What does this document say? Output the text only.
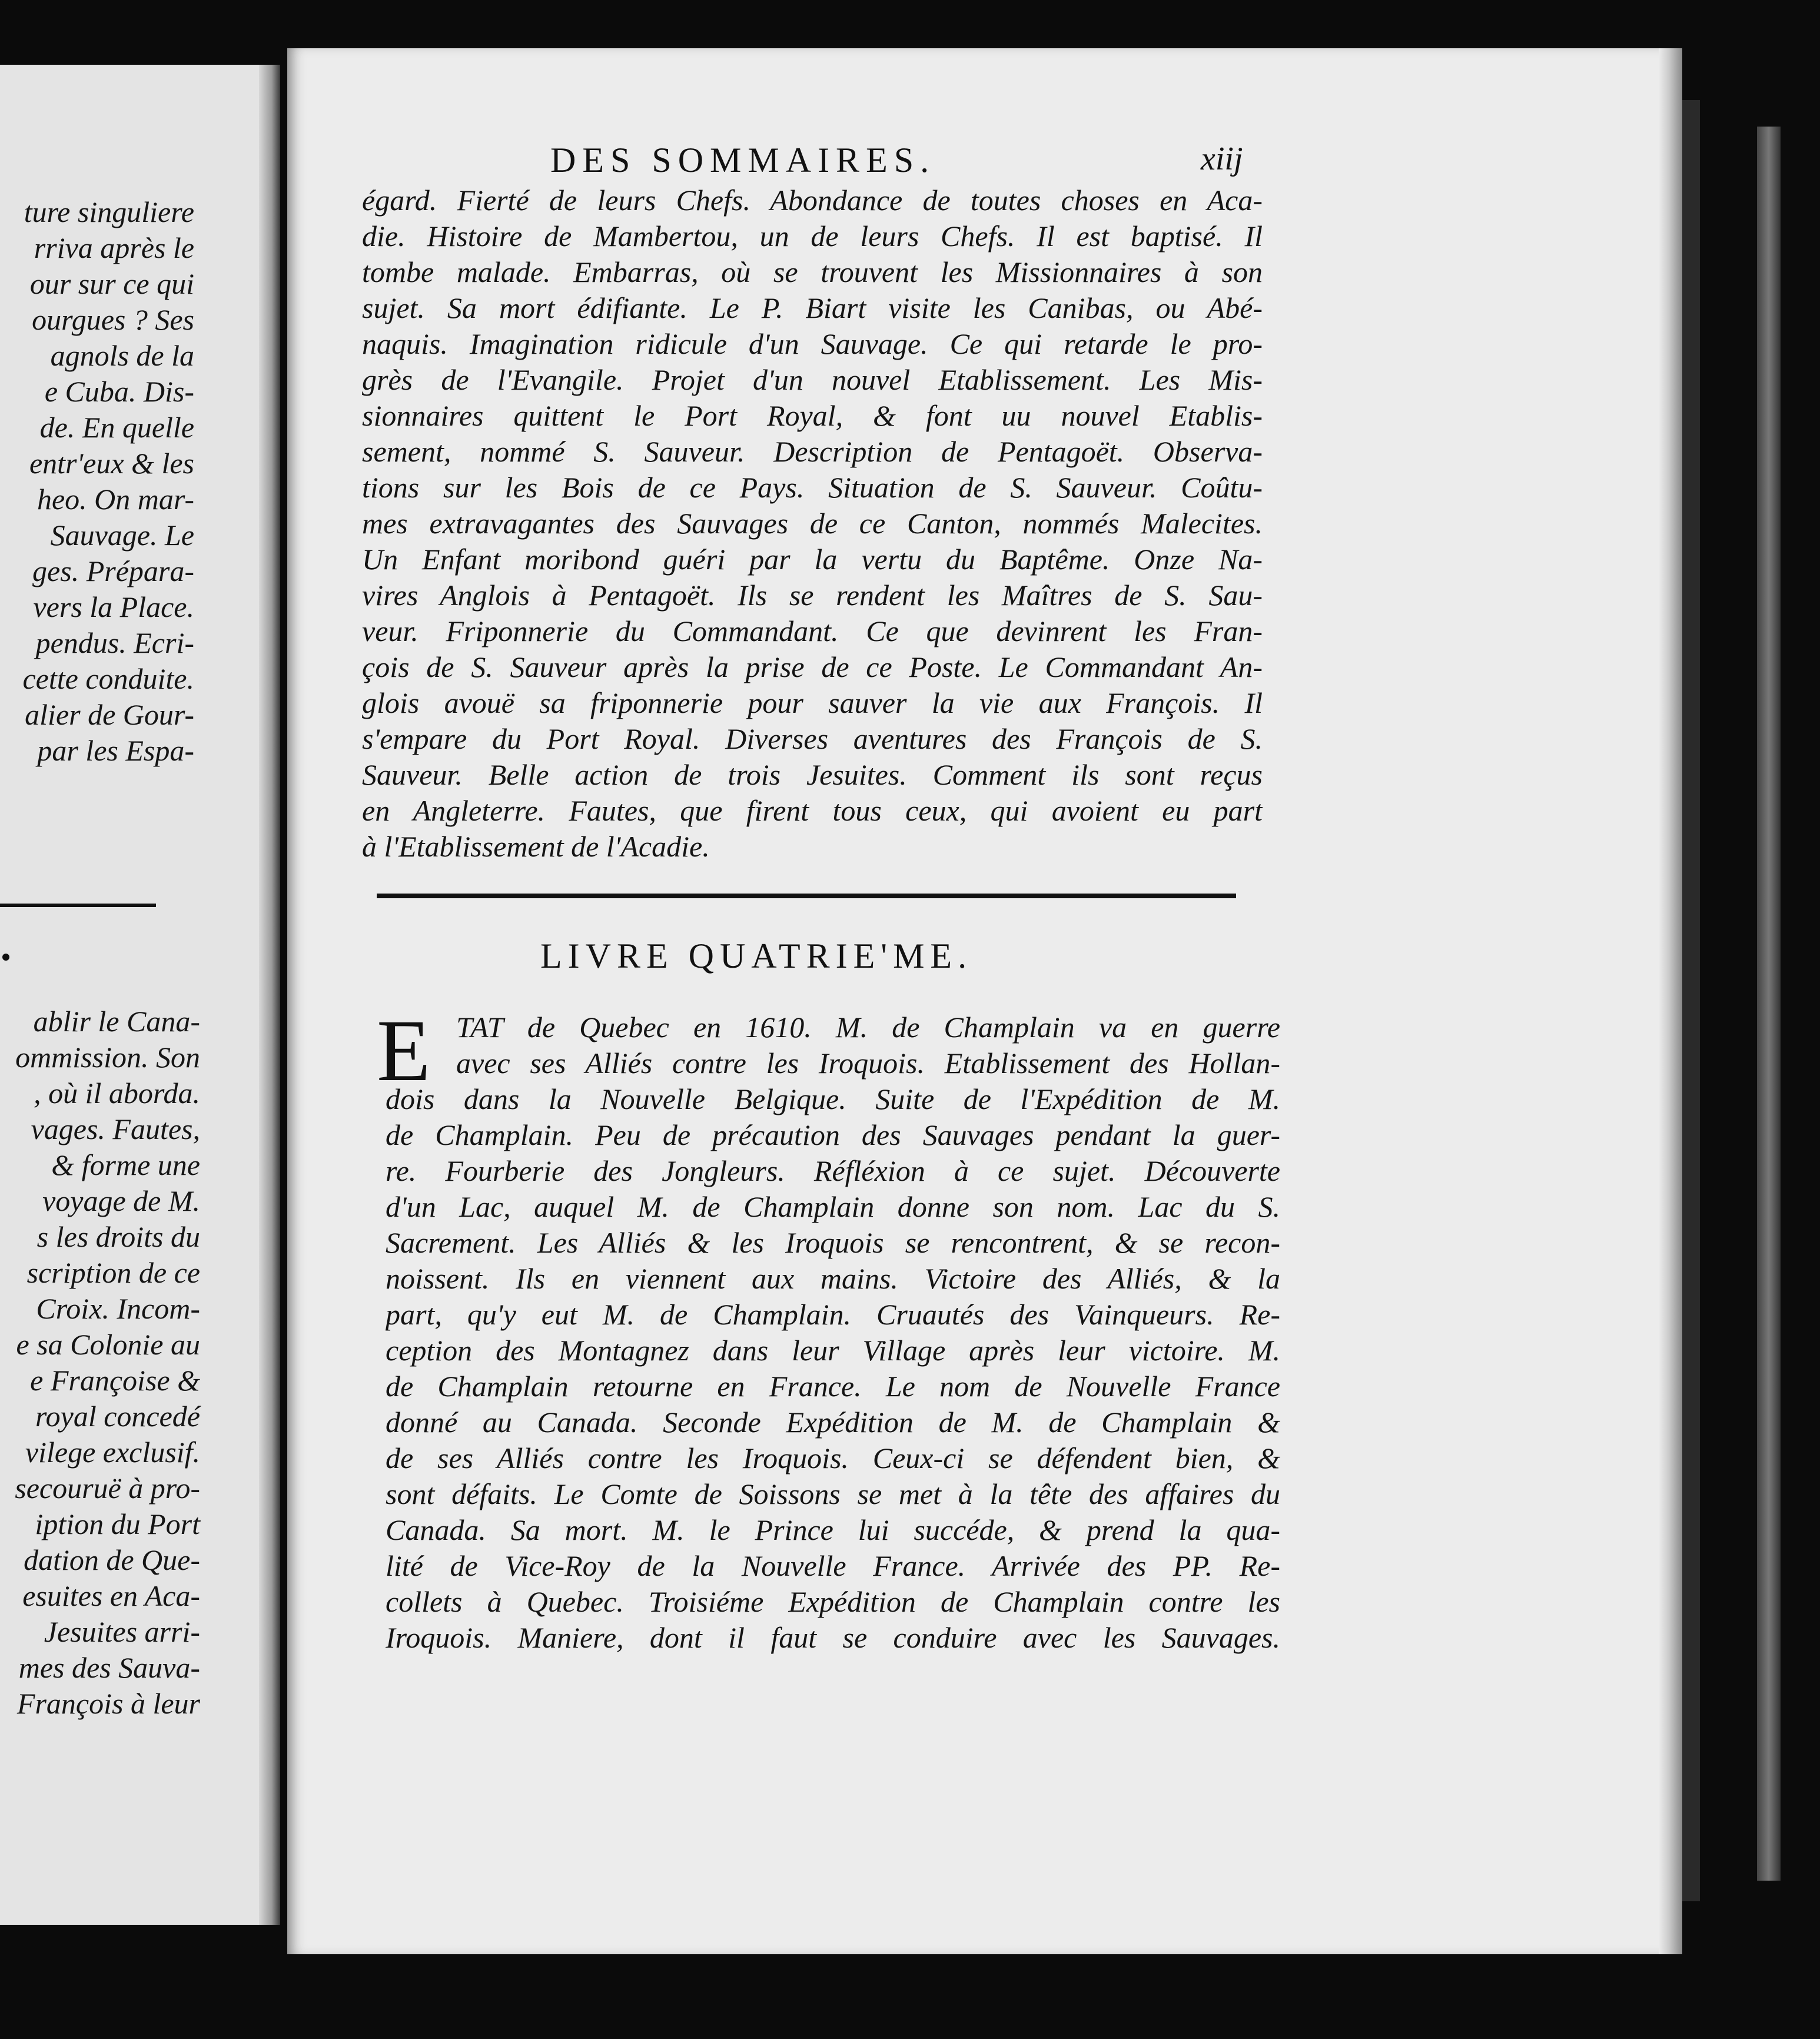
ture singuliere
rriva après le
our sur ce qui
ourgues ? Ses
agnols de la
e Cuba. Dis-
de. En quelle
entr'eux & les
heo. On mar-
Sauvage. Le
ges. Prépara-
vers la Place.
pendus. Ecri-
cette conduite.
alier de Gour-
par les Espa-
ablir le Cana-
ommission. Son
, où il aborda.
vages. Fautes,
& forme une
voyage de M.
s les droits du
scription de ce
Croix. Incom-
e sa Colonie au
e Françoise &
royal concedé
vilege exclusif.
secouruë à pro-
iption du Port
dation de Que-
esuites en Aca-
Jesuites arri-
mes des Sauva-
François à leur
DES SOMMAIRES.	xiij
égard. Fierté de leurs Chefs. Abondance de toutes choses en Aca-
die. Histoire de Mambertou, un de leurs Chefs. Il est baptisé. Il
tombe malade. Embarras, où se trouvent les Missionnaires à son
sujet. Sa mort édifiante. Le P. Biart visite les Canibas, ou Abé-
naquis. Imagination ridicule d'un Sauvage. Ce qui retarde le pro-
grès de l'Evangile. Projet d'un nouvel Etablissement. Les Mis-
sionnaires quittent le Port Royal, & font uu nouvel Etablis-
sement, nommé S. Sauveur. Description de Pentagoët. Observa-
tions sur les Bois de ce Pays. Situation de S. Sauveur. Coûtu-
mes extravagantes des Sauvages de ce Canton, nommés Malecites.
Un Enfant moribond guéri par la vertu du Baptême. Onze Na-
vires Anglois à Pentagoët. Ils se rendent les Maîtres de S. Sau-
veur. Friponnerie du Commandant. Ce que devinrent les Fran-
çois de S. Sauveur après la prise de ce Poste. Le Commandant An-
glois avouë sa friponnerie pour sauver la vie aux François. Il
s'empare du Port Royal. Diverses aventures des François de S.
Sauveur. Belle action de trois Jesuites. Comment ils sont reçus
en Angleterre. Fautes, que firent tous ceux, qui avoient eu part
à l'Etablissement de l'Acadie.
LIVRE QUATRIE'ME.
E TAT de Quebec en 1610. M. de Champlain va en guerre
avec ses Alliés contre les Iroquois. Etablissement des Hollan-
dois dans la Nouvelle Belgique. Suite de l'Expédition de M.
de Champlain. Peu de précaution des Sauvages pendant la guer-
re. Fourberie des Jongleurs. Réfléxion à ce sujet. Découverte
d'un Lac, auquel M. de Champlain donne son nom. Lac du S.
Sacrement. Les Alliés & les Iroquois se rencontrent, & se recon-
noissent. Ils en viennent aux mains. Victoire des Alliés, & la
part, qu'y eut M. de Champlain. Cruautés des Vainqueurs. Re-
ception des Montagnez dans leur Village après leur victoire. M.
de Champlain retourne en France. Le nom de Nouvelle France
donné au Canada. Seconde Expédition de M. de Champlain &
de ses Alliés contre les Iroquois. Ceux-ci se défendent bien, &
sont défaits. Le Comte de Soissons se met à la tête des affaires du
Canada. Sa mort. M. le Prince lui succéde, & prend la qua-
lité de Vice-Roy de la Nouvelle France. Arrivée des PP. Re-
collets à Quebec. Troisiéme Expédition de Champlain contre les
Iroquois. Maniere, dont il faut se conduire avec les Sauvages.
